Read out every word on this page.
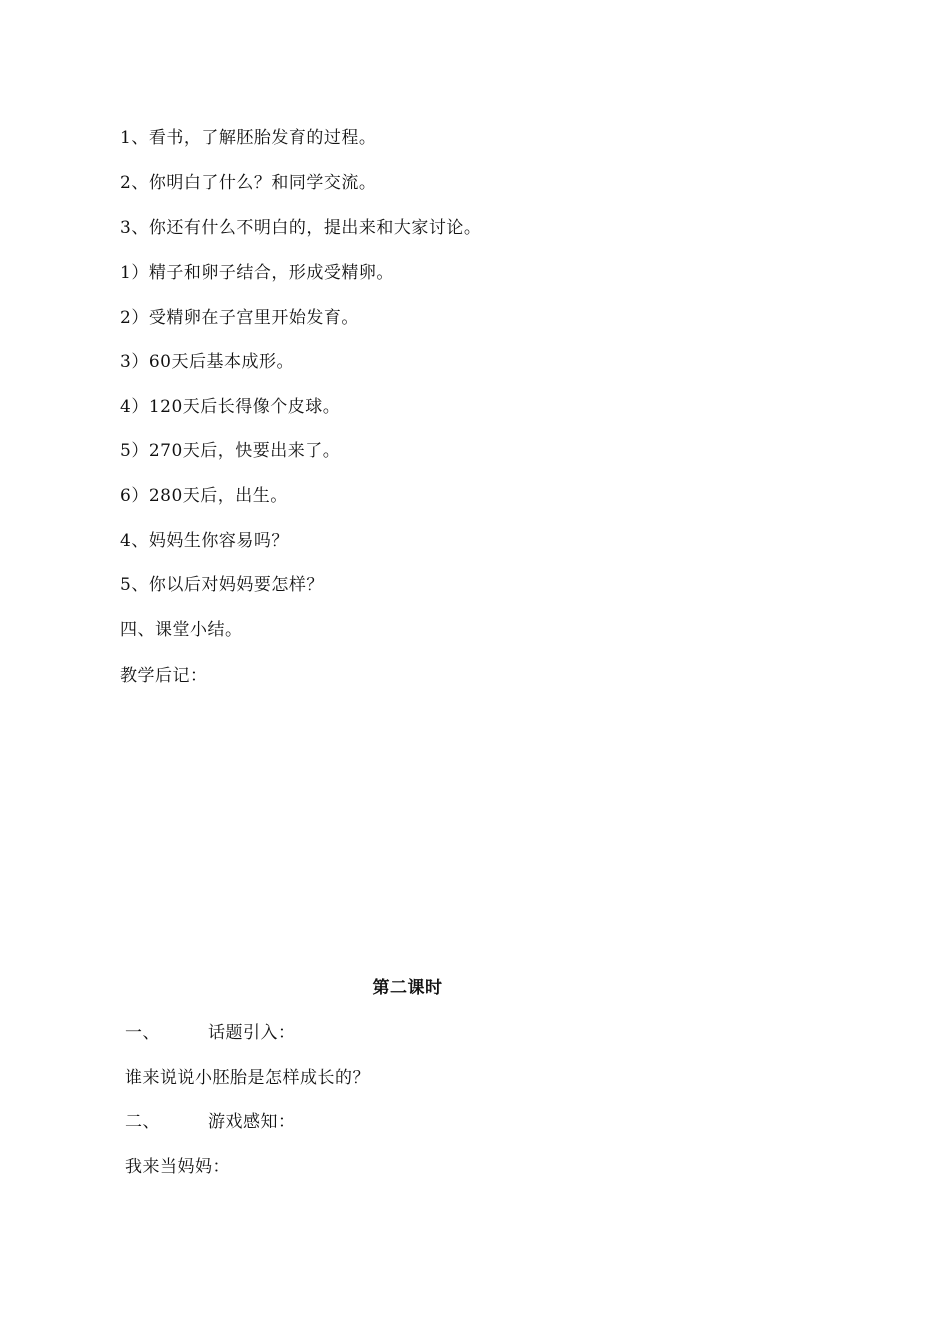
1、看书，了解胚胎发育的过程。
2、你明白了什么？和同学交流。
3、你还有什么不明白的，提出来和大家讨论。
1）精子和卵子结合，形成受精卵。
2）受精卵在子宫里开始发育。
3）60天后基本成形。
4）120天后长得像个皮球。
5）270天后，快要出来了。
6）280天后，出生。
4、妈妈生你容易吗？
5、你以后对妈妈要怎样？
四、课堂小结。
教学后记：
第二课时
一、	话题引入：
谁来说说小胚胎是怎样成长的？
二、	游戏感知：
我来当妈妈：
